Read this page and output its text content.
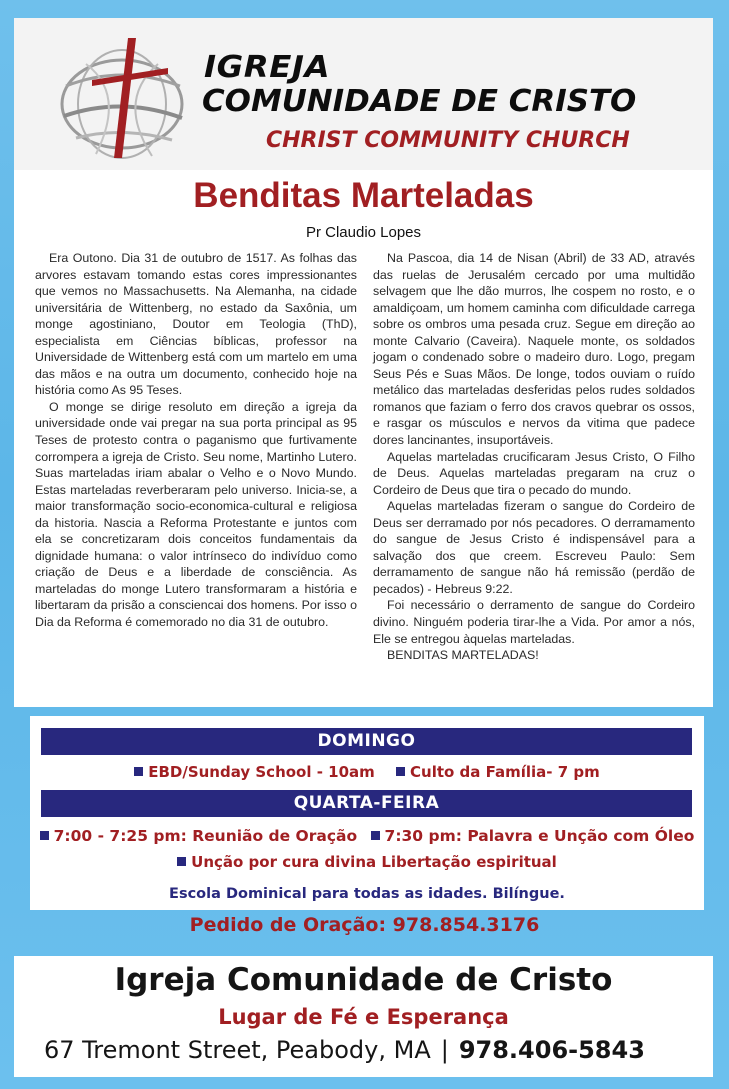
IGREJA
COMUNIDADE DE CRISTO
CHRIST COMMUNITY CHURCH
Benditas Marteladas
Pr Claudio Lopes

Era Outono. Dia 31 de outubro de 1517. As folhas das arvores estavam tomando estas cores impressionantes que vemos no Massachusetts. Na Alemanha, na cidade universitária de Wittenberg, no estado da Saxônia, um monge agostiniano, Doutor em Teologia (ThD), especialista em Ciências bíblicas, professor na Universidade de Wittenberg está com um martelo em uma das mãos e na outra um documento, conhecido hoje na história como As 95 Teses.

O monge se dirige resoluto em direção a igreja da universidade onde vai pregar na sua porta principal as 95 Teses de protesto contra o paganismo que furtivamente corrompera a igreja de Cristo. Seu nome, Martinho Lutero. Suas marteladas iriam abalar o Velho e o Novo Mundo. Estas marteladas reverberaram pelo universo. Inicia-se, a maior transformação socio-economica-cultural e religiosa da historia. Nascia a Reforma Protestante e juntos com ela se concretizaram dois conceitos fundamentais da dignidade humana: o valor intrínseco do indivíduo como criação de Deus e a liberdade de consciência. As marteladas do monge Lutero transformaram a história e libertaram da prisão a consciencai dos homens. Por isso o Dia da Reforma é comemorado no dia 31 de outubro.

Na Pascoa, dia 14 de Nisan (Abril) de 33 AD, através das ruelas de Jerusalém cercado por uma multidão selvagem que lhe dão murros, lhe cospem no rosto, e o amaldiçoam, um homem caminha com dificuldade carrega sobre os ombros uma pesada cruz. Segue em direção ao monte Calvario (Caveira). Naquele monte, os soldados jogam o condenado sobre o madeiro duro. Logo, pregam Seus Pés e Suas Mãos. De longe, todos ouviam o ruído metálico das marteladas desferidas pelos rudes soldados romanos que faziam o ferro dos cravos quebrar os ossos, e rasgar os músculos e nervos da vitima que padece dores lancinantes, insuportáveis.

Aquelas marteladas crucificaram Jesus Cristo, O Filho de Deus. Aquelas marteladas pregaram na cruz o Cordeiro de Deus que tira o pecado do mundo.

Aquelas marteladas fizeram o sangue do Cordeiro de Deus ser derramado por nós pecadores. O derramamento do sangue de Jesus Cristo é indispensável para a salvação dos que creem. Escreveu Paulo: Sem derramamento de sangue não há remissão (perdão de pecados) - Hebreus 9:22.

Foi necessário o derramento de sangue do Cordeiro divino. Ninguém poderia tirar-lhe a Vida. Por amor a nós, Ele se entregou àquelas marteladas.

BENDITAS MARTELADAS!

DOMINGO
EBD/Sunday School - 10am Culto da Família- 7 pm
QUARTA-FEIRA
7:00 - 7:25 pm: Reunião de Oração 7:30 pm: Palavra e Unção com Óleo
Unção por cura divina Libertação espiritual
Escola Dominical para todas as idades. Bilíngue.
Pedido de Oração: 978.854.3176
Igreja Comunidade de Cristo
Lugar de Fé e Esperança
67 Tremont Street, Peabody, MA | 978.406-5843
